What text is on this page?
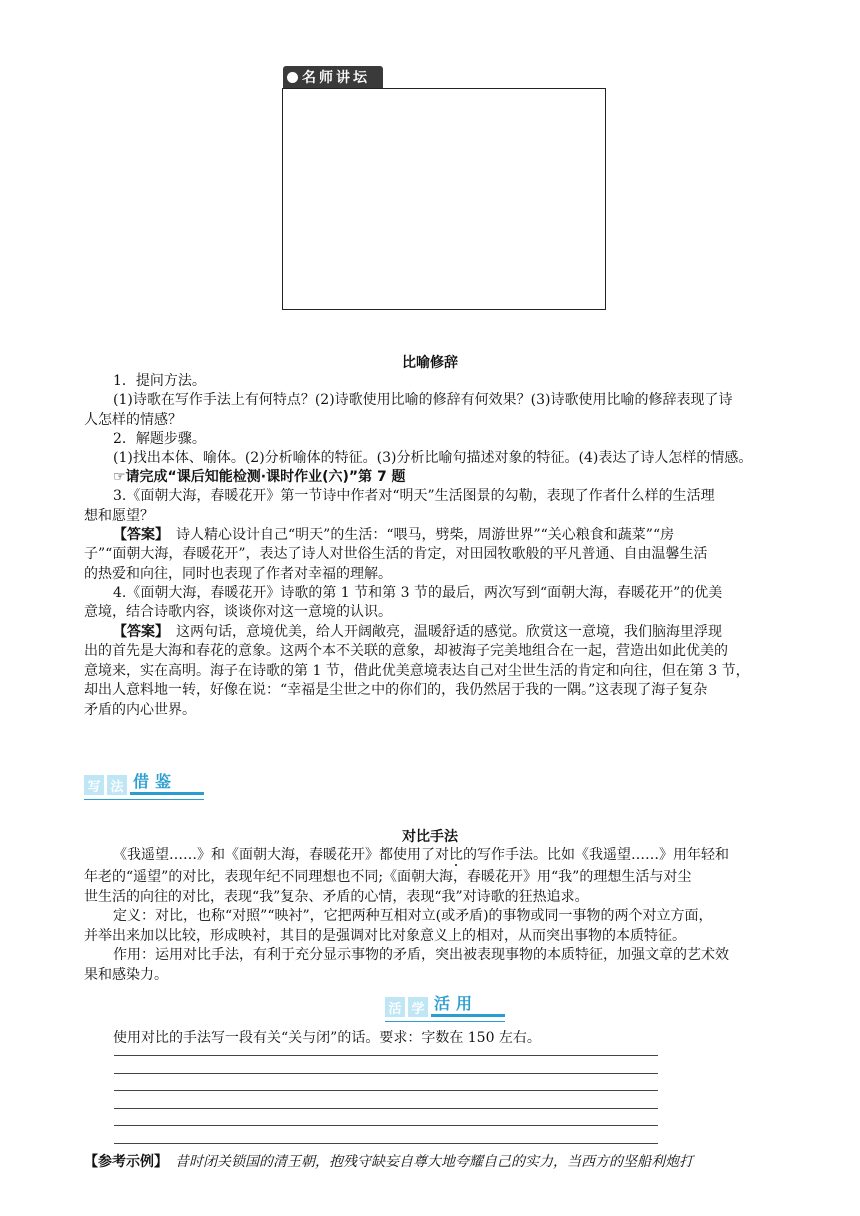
名师讲坛
比喻修辞
1．提问方法。
(1)诗歌在写作手法上有何特点？(2)诗歌使用比喻的修辞有何效果？(3)诗歌使用比喻的修辞表现了诗
人怎样的情感？
2．解题步骤。
(1)找出本体、喻体。(2)分析喻体的特征。(3)分析比喻句描述对象的特征。(4)表达了诗人怎样的情感。
☞请完成“课后知能检测·课时作业(六)”第 7 题
3.《面朝大海，春暖花开》第一节诗中作者对“明天”生活图景的勾勒，表现了作者什么样的生活理
想和愿望？
【答案】　诗人精心设计自己“明天”的生活：“喂马，劈柴，周游世界”“关心粮食和蔬菜”“房
子”“面朝大海，春暖花开”，表达了诗人对世俗生活的肯定，对田园牧歌般的平凡普通、自由温馨生活
的热爱和向往，同时也表现了作者对幸福的理解。
4.《面朝大海，春暖花开》诗歌的第 1 节和第 3 节的最后，两次写到“面朝大海，春暖花开”的优美
意境，结合诗歌内容，谈谈你对这一意境的认识。
【答案】　这两句话，意境优美，给人开阔敞亮，温暖舒适的感觉。欣赏这一意境，我们脑海里浮现
出的首先是大海和春花的意象。这两个本不关联的意象，却被海子完美地组合在一起，营造出如此优美的
意境来，实在高明。海子在诗歌的第 1 节，借此优美意境表达自己对尘世生活的肯定和向往，但在第 3 节，
却出人意料地一转，好像在说：“幸福是尘世之中的你们的，我仍然居于我的一隅。”这表现了海子复杂
矛盾的内心世界。
写 法 借 鉴
对比手法
《我遥望……》和《面朝大海，春暖花开》都使用了对比的写作手法。比如《我遥望……》用年轻和
年老的“遥望”的对比，表现年纪不同理想也不同;《面朝大海，春暖花开》用“我”的理想生活与对尘
世生活的向往的对比，表现“我”复杂、矛盾的心情，表现“我”对诗歌的狂热追求。
定义：对比，也称“对照”“映衬”，它把两种互相对立(或矛盾)的事物或同一事物的两个对立方面，
并举出来加以比较，形成映衬，其目的是强调对比对象意义上的相对，从而突出事物的本质特征。
作用：运用对比手法，有利于充分显示事物的矛盾，突出被表现事物的本质特征，加强文章的艺术效
果和感染力。
活 学 活 用
使用对比的手法写一段有关“关与闭”的话。要求：字数在 150 左右。
【参考示例】　昔时闭关锁国的清王朝，抱残守缺妄自尊大地夸耀自己的实力，当西方的坚船利炮打
